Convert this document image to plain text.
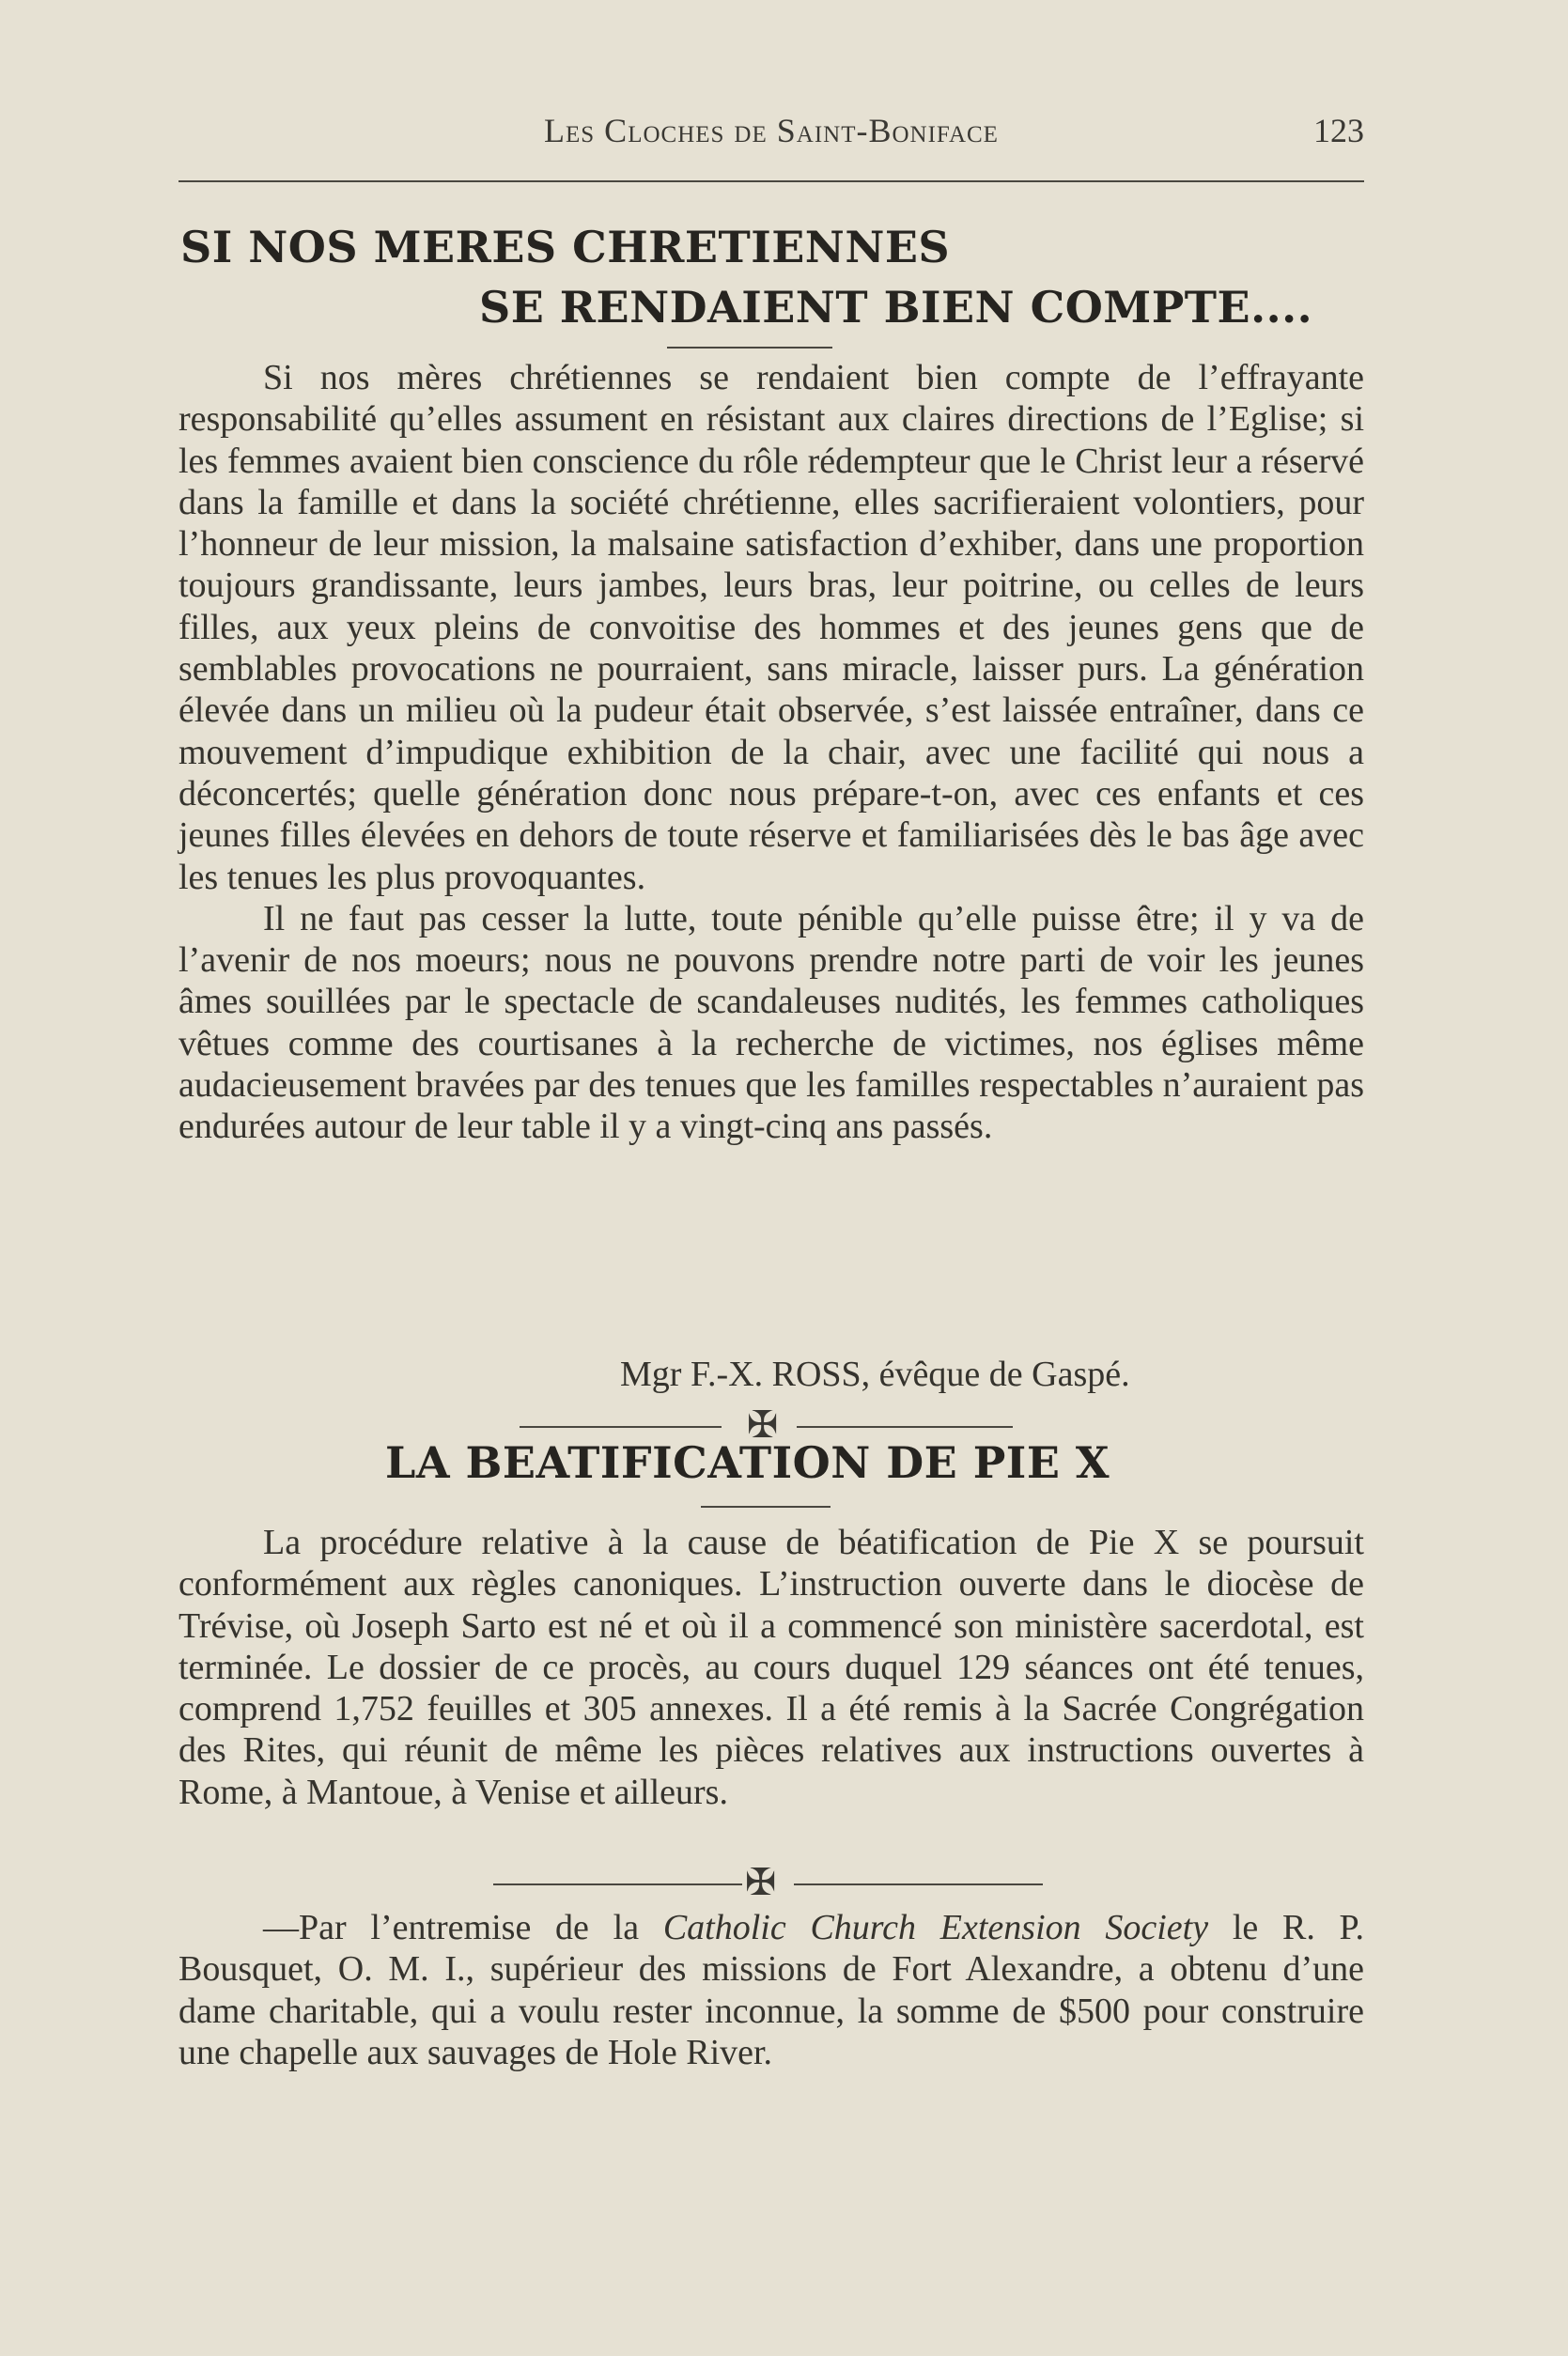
Les Cloches de Saint-Boniface	123
SI NOS MERES CHRETIENNES
SE RENDAIENT BIEN COMPTE....

Si nos mères chrétiennes se rendaient bien compte de l’effrayante responsabilité qu’elles assument en résistant aux claires directions de l’Eglise; si les femmes avaient bien conscience du rôle rédempteur que le Christ leur a réservé dans la famille et dans la société chrétienne, elles sacrifieraient volontiers, pour l’honneur de leur mission, la malsaine satisfaction d’exhiber, dans une proportion toujours grandissante, leurs jambes, leurs bras, leur poitrine, ou celles de leurs filles, aux yeux pleins de convoitise des hommes et des jeunes gens que de semblables provocations ne pourraient, sans miracle, laisser purs. La génération élevée dans un milieu où la pudeur était observée, s’est laissée entraîner, dans ce mouvement d’impudique exhibition de la chair, avec une facilité qui nous a déconcertés; quelle génération donc nous prépare-t-on, avec ces enfants et ces jeunes filles élevées en dehors de toute réserve et familiarisées dès le bas âge avec les tenues les plus provoquantes.

Il ne faut pas cesser la lutte, toute pénible qu’elle puisse être; il y va de l’avenir de nos moeurs; nous ne pouvons prendre notre parti de voir les jeunes âmes souillées par le spectacle de scandaleuses nudités, les femmes catholiques vêtues comme des courtisanes à la recherche de victimes, nos églises même audacieusement bravées par des tenues que les familles respectables n’auraient pas endurées autour de leur table il y a vingt-cinq ans passés.

Mgr F.-X. ROSS, évêque de Gaspé.
✠
LA BEATIFICATION DE PIE X

La procédure relative à la cause de béatification de Pie X se poursuit conformément aux règles canoniques. L’instruction ouverte dans le diocèse de Trévise, où Joseph Sarto est né et où il a commencé son ministère sacerdotal, est terminée. Le dossier de ce procès, au cours duquel 129 séances ont été tenues, comprend 1,752 feuilles et 305 annexes. Il a été remis à la Sacrée Congrégation des Rites, qui réunit de même les pièces relatives aux instructions ouvertes à Rome, à Mantoue, à Venise et ailleurs.

✠

—Par l’entremise de la Catholic Church Extension Society le R. P. Bousquet, O. M. I., supérieur des missions de Fort Alexandre, a obtenu d’une dame charitable, qui a voulu rester inconnue, la somme de $500 pour construire une chapelle aux sauvages de Hole River.
